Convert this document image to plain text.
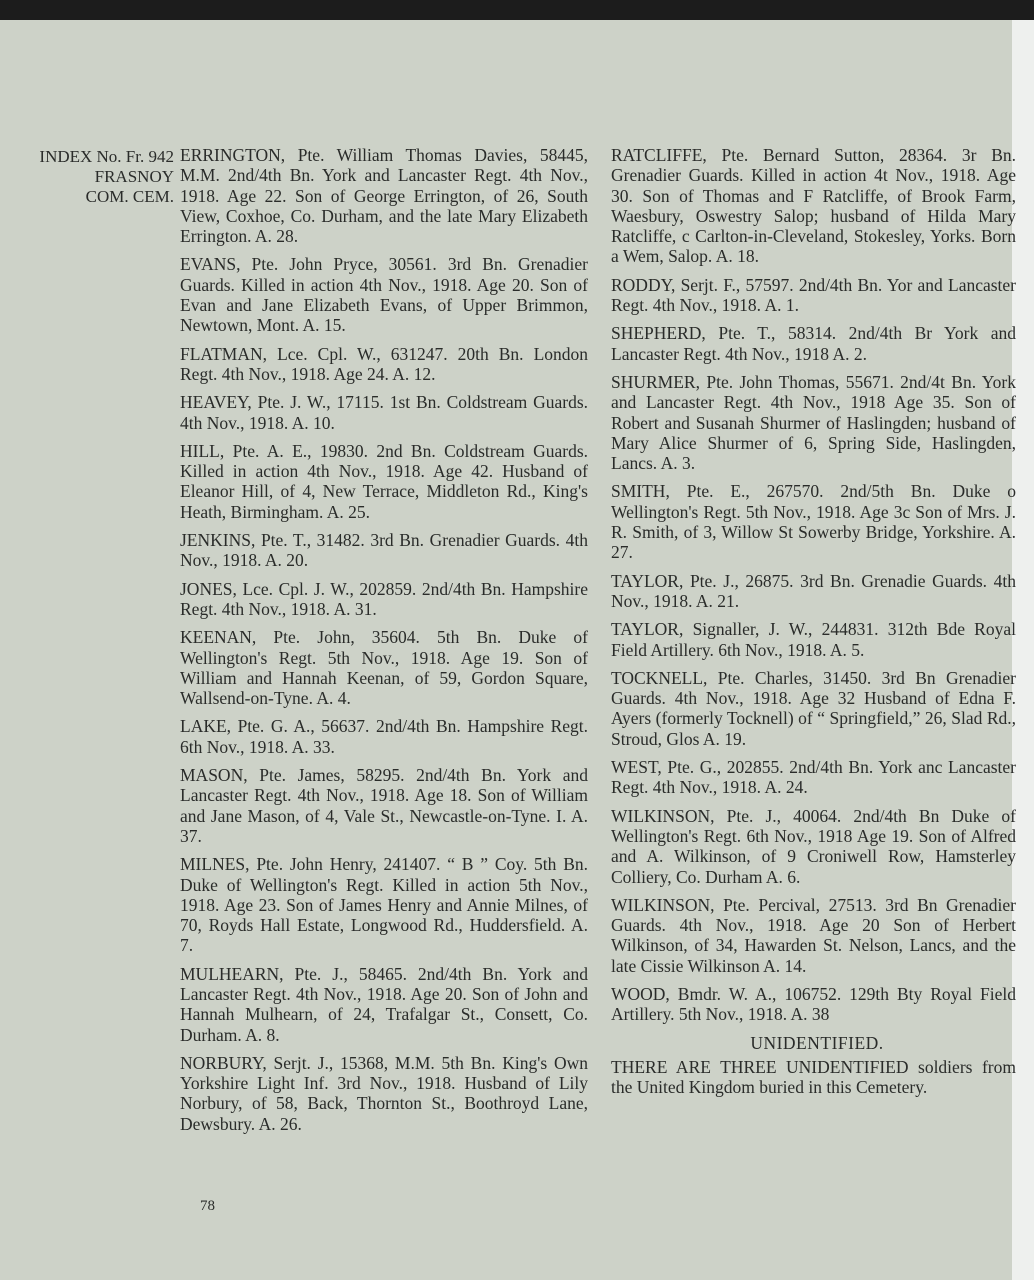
INDEX No. Fr. 942
FRASNOY
COM. CEM.
ERRINGTON, Pte. William Thomas Davies, 58445, M.M. 2nd/4th Bn. York and Lancaster Regt. 4th Nov., 1918. Age 22. Son of George Errington, of 26, South View, Coxhoe, Co. Durham, and the late Mary Elizabeth Errington. A. 28.
EVANS, Pte. John Pryce, 30561. 3rd Bn. Grenadier Guards. Killed in action 4th Nov., 1918. Age 20. Son of Evan and Jane Elizabeth Evans, of Upper Brimmon, Newtown, Mont. A. 15.
FLATMAN, Lce. Cpl. W., 631247. 20th Bn. London Regt. 4th Nov., 1918. Age 24. A. 12.
HEAVEY, Pte. J. W., 17115. 1st Bn. Coldstream Guards. 4th Nov., 1918. A. 10.
HILL, Pte. A. E., 19830. 2nd Bn. Coldstream Guards. Killed in action 4th Nov., 1918. Age 42. Husband of Eleanor Hill, of 4, New Terrace, Middleton Rd., King's Heath, Birmingham. A. 25.
JENKINS, Pte. T., 31482. 3rd Bn. Grenadier Guards. 4th Nov., 1918. A. 20.
JONES, Lce. Cpl. J. W., 202859. 2nd/4th Bn. Hampshire Regt. 4th Nov., 1918. A. 31.
KEENAN, Pte. John, 35604. 5th Bn. Duke of Wellington's Regt. 5th Nov., 1918. Age 19. Son of William and Hannah Keenan, of 59, Gordon Square, Wallsend-on-Tyne. A. 4.
LAKE, Pte. G. A., 56637. 2nd/4th Bn. Hampshire Regt. 6th Nov., 1918. A. 33.
MASON, Pte. James, 58295. 2nd/4th Bn. York and Lancaster Regt. 4th Nov., 1918. Age 18. Son of William and Jane Mason, of 4, Vale St., Newcastle-on-Tyne. I. A. 37.
MILNES, Pte. John Henry, 241407. “ B ” Coy. 5th Bn. Duke of Wellington's Regt. Killed in action 5th Nov., 1918. Age 23. Son of James Henry and Annie Milnes, of 70, Royds Hall Estate, Longwood Rd., Huddersfield. A. 7.
MULHEARN, Pte. J., 58465. 2nd/4th Bn. York and Lancaster Regt. 4th Nov., 1918. Age 20. Son of John and Hannah Mulhearn, of 24, Trafalgar St., Consett, Co. Durham. A. 8.
NORBURY, Serjt. J., 15368, M.M. 5th Bn. King's Own Yorkshire Light Inf. 3rd Nov., 1918. Husband of Lily Norbury, of 58, Back, Thornton St., Boothroyd Lane, Dewsbury. A. 26.
RATCLIFFE, Pte. Bernard Sutton, 28364. 3r Bn. Grenadier Guards. Killed in action 4t Nov., 1918. Age 30. Son of Thomas and F Ratcliffe, of Brook Farm, Waesbury, Oswestry Salop; husband of Hilda Mary Ratcliffe, c Carlton-in-Cleveland, Stokesley, Yorks. Born a Wem, Salop. A. 18.
RODDY, Serjt. F., 57597. 2nd/4th Bn. Yor and Lancaster Regt. 4th Nov., 1918. A. 1.
SHEPHERD, Pte. T., 58314. 2nd/4th Br York and Lancaster Regt. 4th Nov., 1918 A. 2.
SHURMER, Pte. John Thomas, 55671. 2nd/4t Bn. York and Lancaster Regt. 4th Nov., 1918 Age 35. Son of Robert and Susanah Shurmer of Haslingden; husband of Mary Alice Shurmer of 6, Spring Side, Haslingden, Lancs. A. 3.
SMITH, Pte. E., 267570. 2nd/5th Bn. Duke o Wellington's Regt. 5th Nov., 1918. Age 3c Son of Mrs. J. R. Smith, of 3, Willow St Sowerby Bridge, Yorkshire. A. 27.
TAYLOR, Pte. J., 26875. 3rd Bn. Grenadie Guards. 4th Nov., 1918. A. 21.
TAYLOR, Signaller, J. W., 244831. 312th Bde Royal Field Artillery. 6th Nov., 1918. A. 5.
TOCKNELL, Pte. Charles, 31450. 3rd Bn Grenadier Guards. 4th Nov., 1918. Age 32 Husband of Edna F. Ayers (formerly Tocknell) of “ Springfield,” 26, Slad Rd., Stroud, Glos A. 19.
WEST, Pte. G., 202855. 2nd/4th Bn. York anc Lancaster Regt. 4th Nov., 1918. A. 24.
WILKINSON, Pte. J., 40064. 2nd/4th Bn Duke of Wellington's Regt. 6th Nov., 1918 Age 19. Son of Alfred and A. Wilkinson, of 9 Croniwell Row, Hamsterley Colliery, Co. Durham A. 6.
WILKINSON, Pte. Percival, 27513. 3rd Bn Grenadier Guards. 4th Nov., 1918. Age 20 Son of Herbert Wilkinson, of 34, Hawarden St. Nelson, Lancs, and the late Cissie Wilkinson A. 14.
WOOD, Bmdr. W. A., 106752. 129th Bty Royal Field Artillery. 5th Nov., 1918. A. 38
UNIDENTIFIED.
THERE ARE THREE UNIDENTIFIED soldiers from the United Kingdom buried in this Cemetery.
78
